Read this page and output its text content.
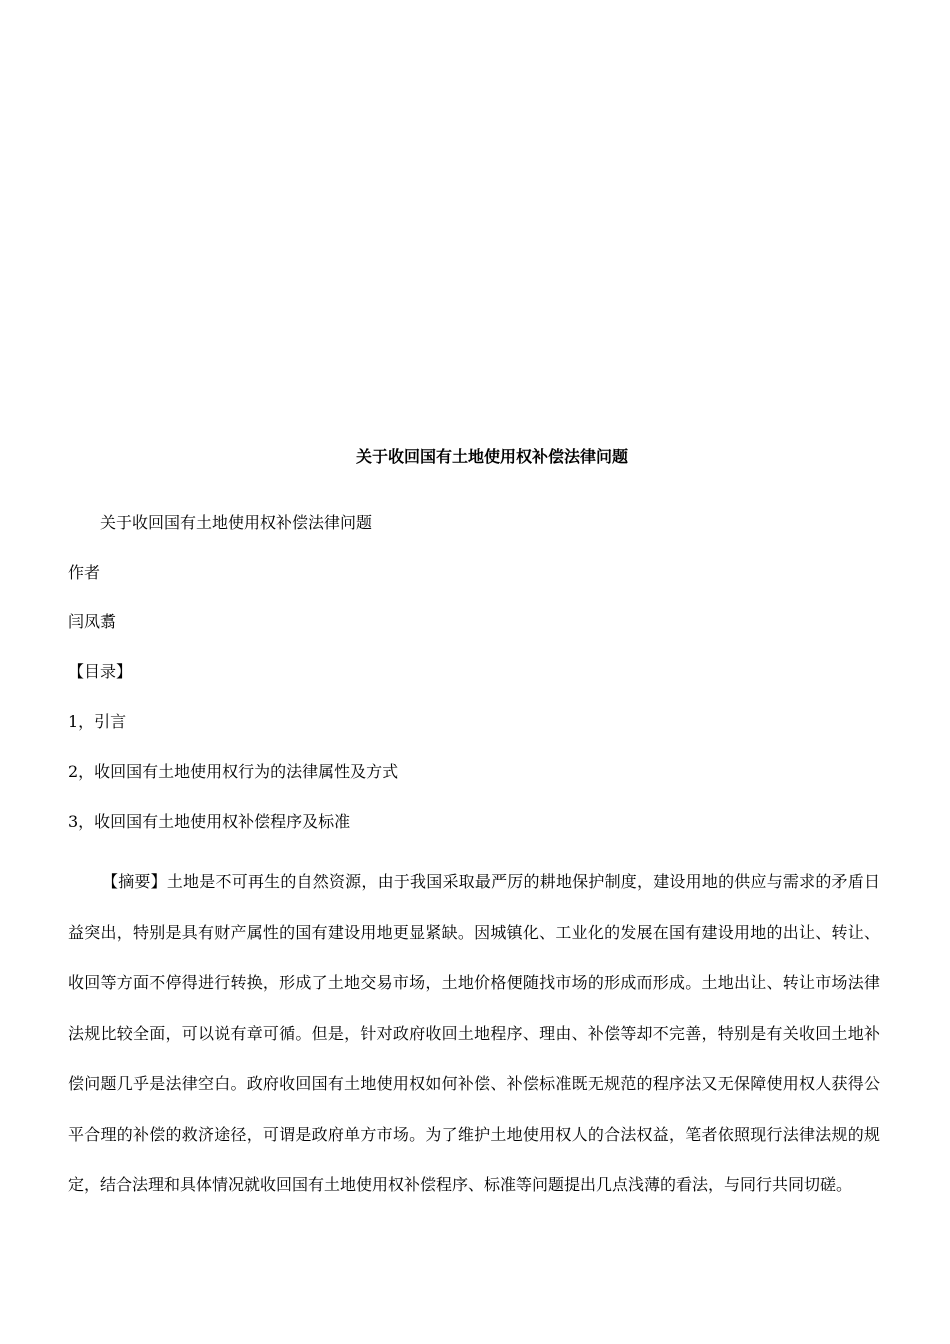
关于收回国有土地使用权补偿法律问题
关于收回国有土地使用权补偿法律问题
作者
闫凤翥
【目录】
1，引言
2，收回国有土地使用权行为的法律属性及方式
3，收回国有土地使用权补偿程序及标准

【摘要】土地是不可再生的自然资源，由于我国采取最严厉的耕地保护制度，建设用地的供应与需求的矛盾日益突出，特别是具有财产属性的国有建设用地更显紧缺。因城镇化、工业化的发展在国有建设用地的出让、转让、收回等方面不停得进行转换，形成了土地交易市场，土地价格便随找市场的形成而形成。土地出让、转让市场法律法规比较全面，可以说有章可循。但是，针对政府收回土地程序、理由、补偿等却不完善，特别是有关收回土地补偿问题几乎是法律空白。政府收回国有土地使用权如何补偿、补偿标准既无规范的程序法又无保障使用权人获得公平合理的补偿的救济途径，可谓是政府单方市场。为了维护土地使用权人的合法权益，笔者依照现行法律法规的规定，结合法理和具体情况就收回国有土地使用权补偿程序、标准等问题提出几点浅薄的看法，与同行共同切磋。
